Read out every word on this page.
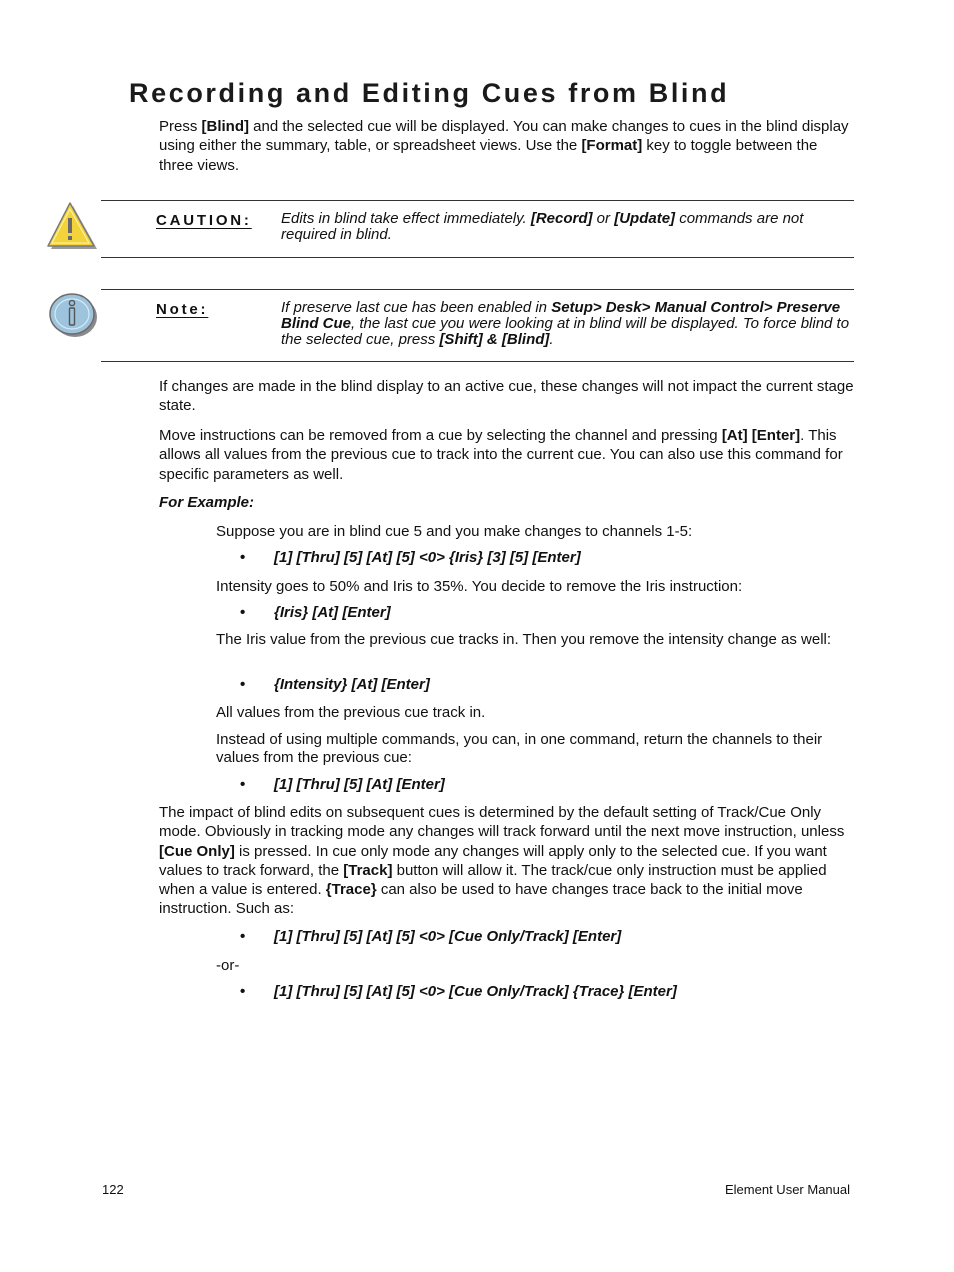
Recording and Editing Cues from Blind

Press [Blind] and the selected cue will be displayed. You can make changes to cues in the blind display using either the summary, table, or spreadsheet views. Use the [Format] key to toggle between the three views.

CAUTION: Edits in blind take effect immediately. [Record] or [Update] commands are not required in blind.

Note:	If preserve last cue has been enabled in Setup> Desk> Manual Control> Preserve Blind Cue, the last cue you were looking at in blind will be displayed. To force blind to the selected cue, press [Shift] & [Blind].

If changes are made in the blind display to an active cue, these changes will not impact the current stage state.

Move instructions can be removed from a cue by selecting the channel and pressing [At] [Enter]. This allows all values from the previous cue to track into the current cue. You can also use this command for specific parameters as well.

For Example:

Suppose you are in blind cue 5 and you make changes to channels 1-5:

• [1] [Thru] [5] [At] [5] <0> {Iris} [3] [5] [Enter]

Intensity goes to 50% and Iris to 35%. You decide to remove the Iris instruction:

• {Iris} [At] [Enter]

The Iris value from the previous cue tracks in. Then you remove the intensity change as well:

• {Intensity} [At] [Enter]

All values from the previous cue track in.

Instead of using multiple commands, you can, in one command, return the channels to their values from the previous cue:

• [1] [Thru] [5] [At] [Enter]

The impact of blind edits on subsequent cues is determined by the default setting of Track/Cue Only mode. Obviously in tracking mode any changes will track forward until the next move instruction, unless [Cue Only] is pressed. In cue only mode any changes will apply only to the selected cue. If you want values to track forward, the [Track] button will allow it. The track/cue only instruction must be applied when a value is entered. {Trace} can also be used to have changes trace back to the initial move instruction. Such as:

• [1] [Thru] [5] [At] [5] <0> [Cue Only/Track] [Enter]

-or-

• [1] [Thru] [5] [At] [5] <0> [Cue Only/Track] {Trace} [Enter]
122	Element User Manual
